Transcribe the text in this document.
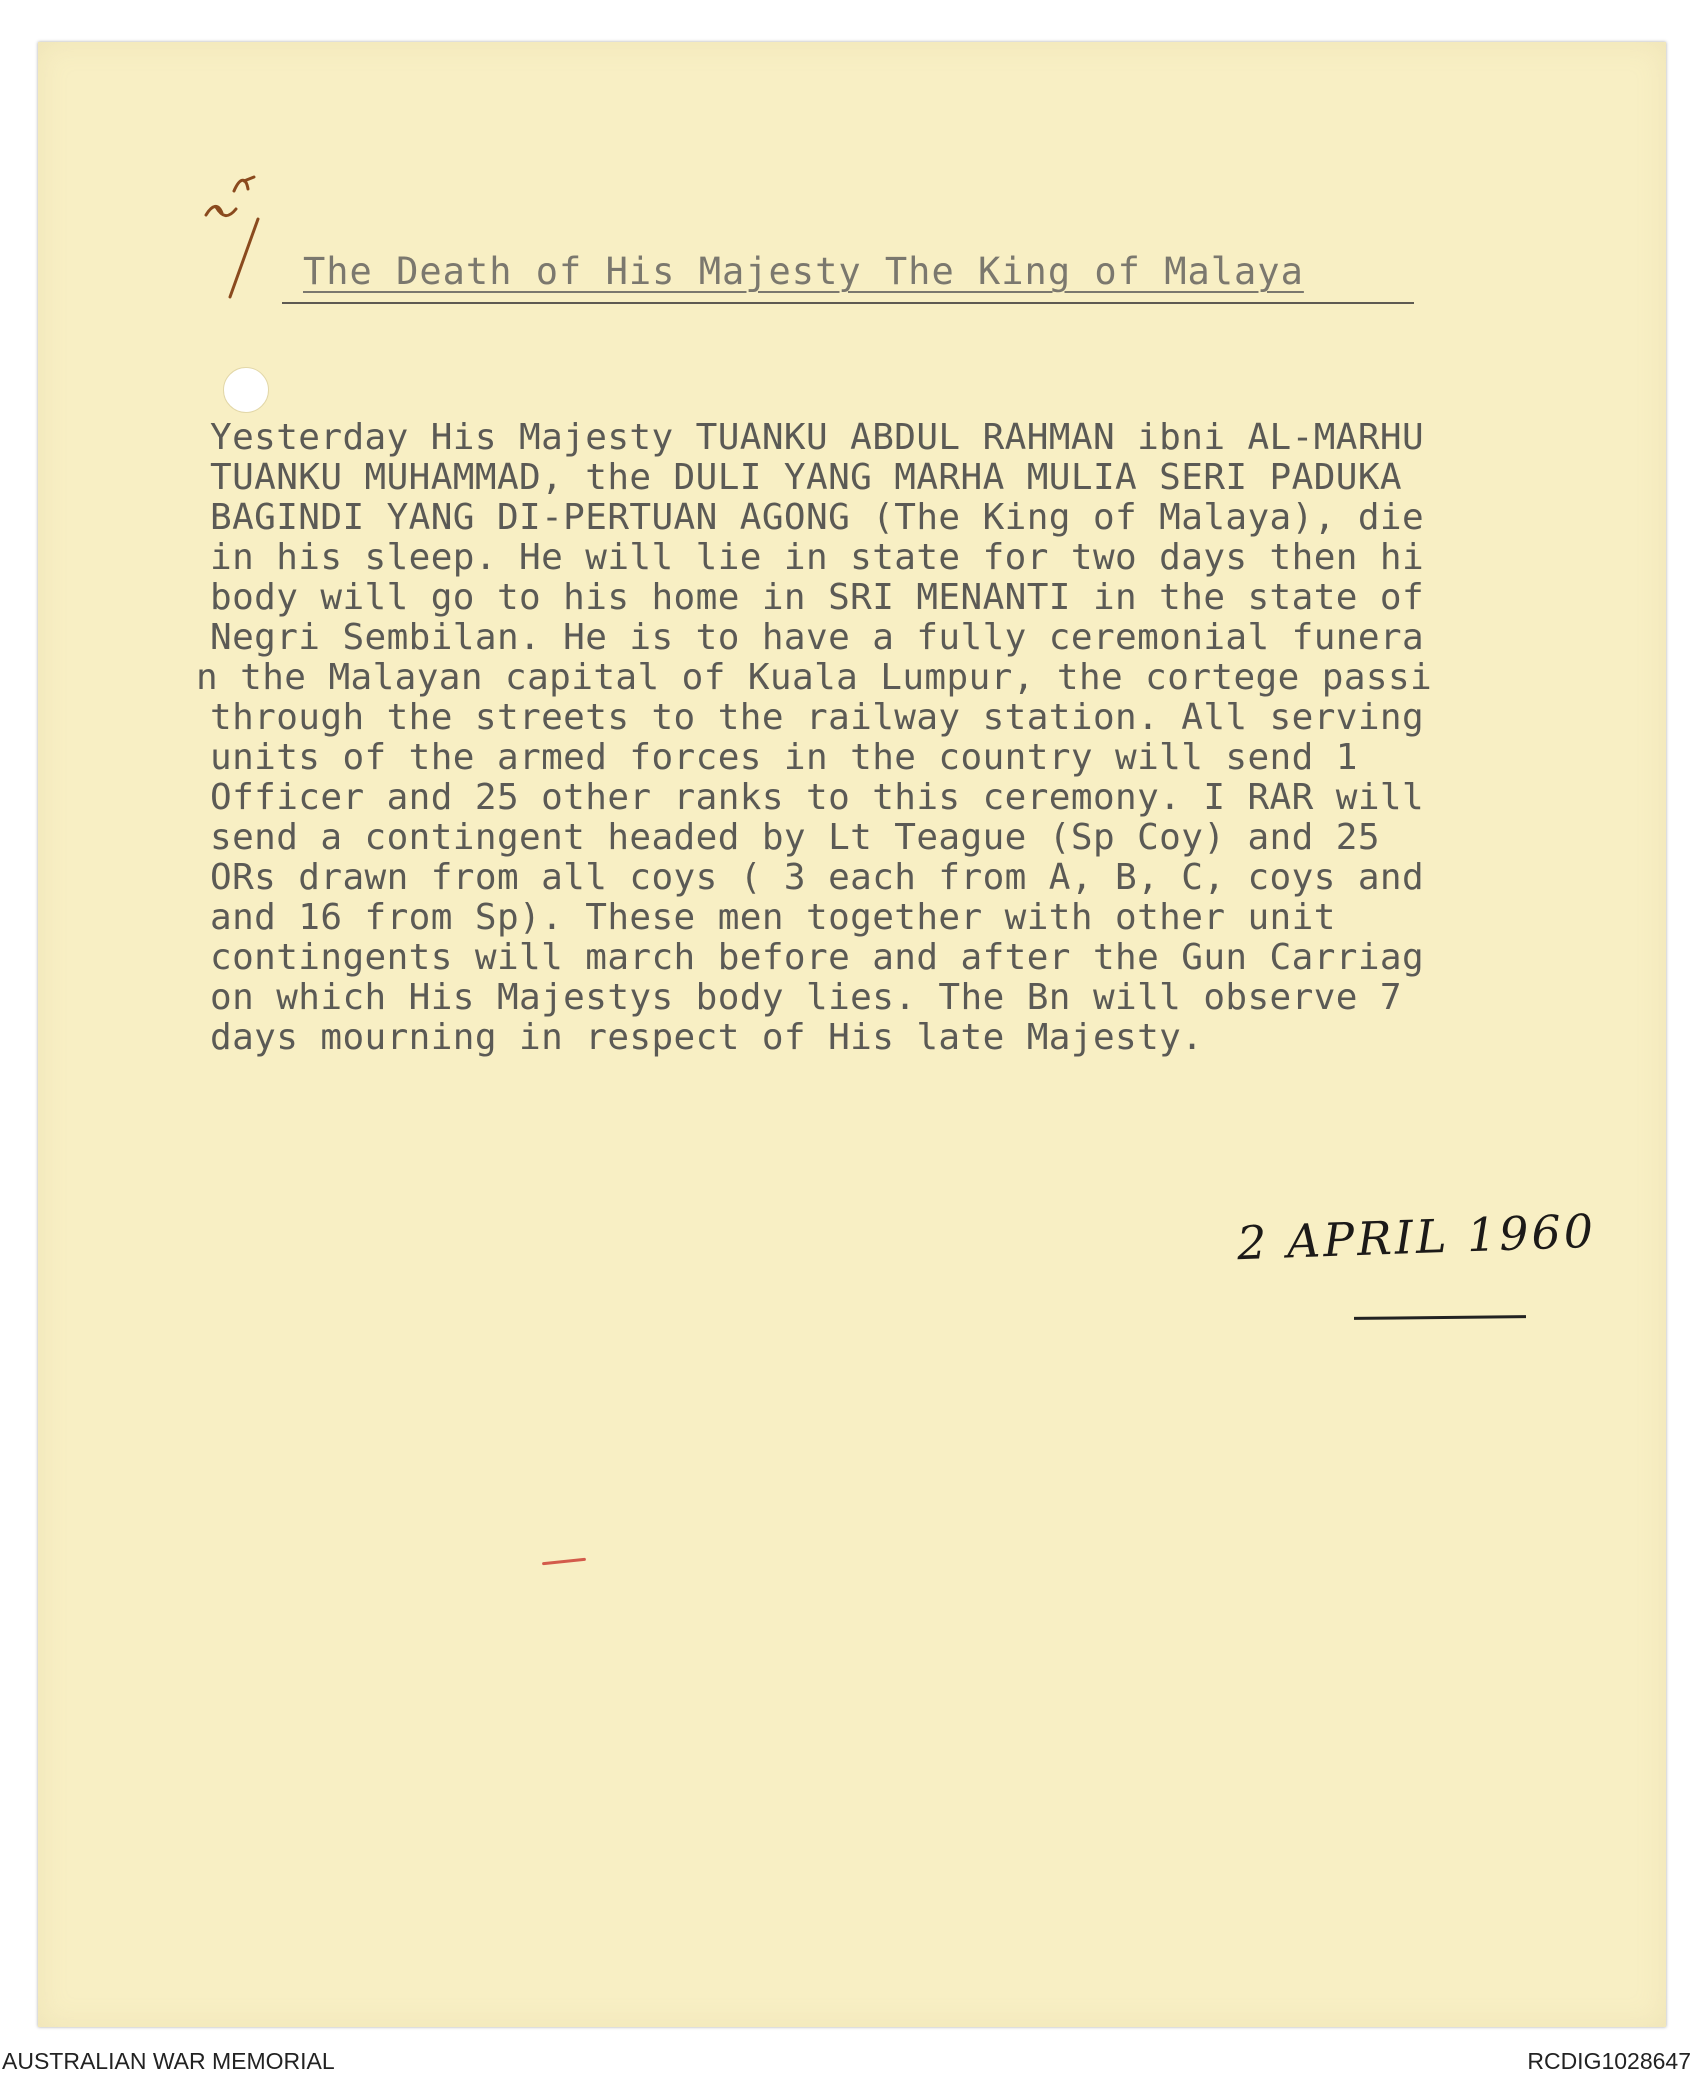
The Death of His Majesty The King of Malaya
Yesterday His Majesty TUANKU ABDUL RAHMAN ibni AL-MARHU
TUANKU MUHAMMAD, the DULI YANG MARHA MULIA SERI PADUKA
BAGINDI YANG DI-PERTUAN AGONG (The King of Malaya), die
in his sleep. He will lie in state for two days then hi
body will go to his home in SRI MENANTI in the state of
Negri Sembilan. He is to have a fully ceremonial funera
n the Malayan capital of Kuala Lumpur, the cortege passi
through the streets to the railway station. All serving
units of the armed forces in the country will send 1
Officer and 25 other ranks to this ceremony. I RAR will
send a contingent headed by Lt Teague (Sp Coy) and 25
ORs drawn from all coys ( 3 each from A, B, C, coys and
and 16 from Sp). These men together with other unit
contingents will march before and after the Gun Carriag
on which His Majestys body lies. The Bn will observe 7
days mourning in respect of His late Majesty.
2 APRIL 1960
AUSTRALIAN WAR MEMORIAL	RCDIG1028647
